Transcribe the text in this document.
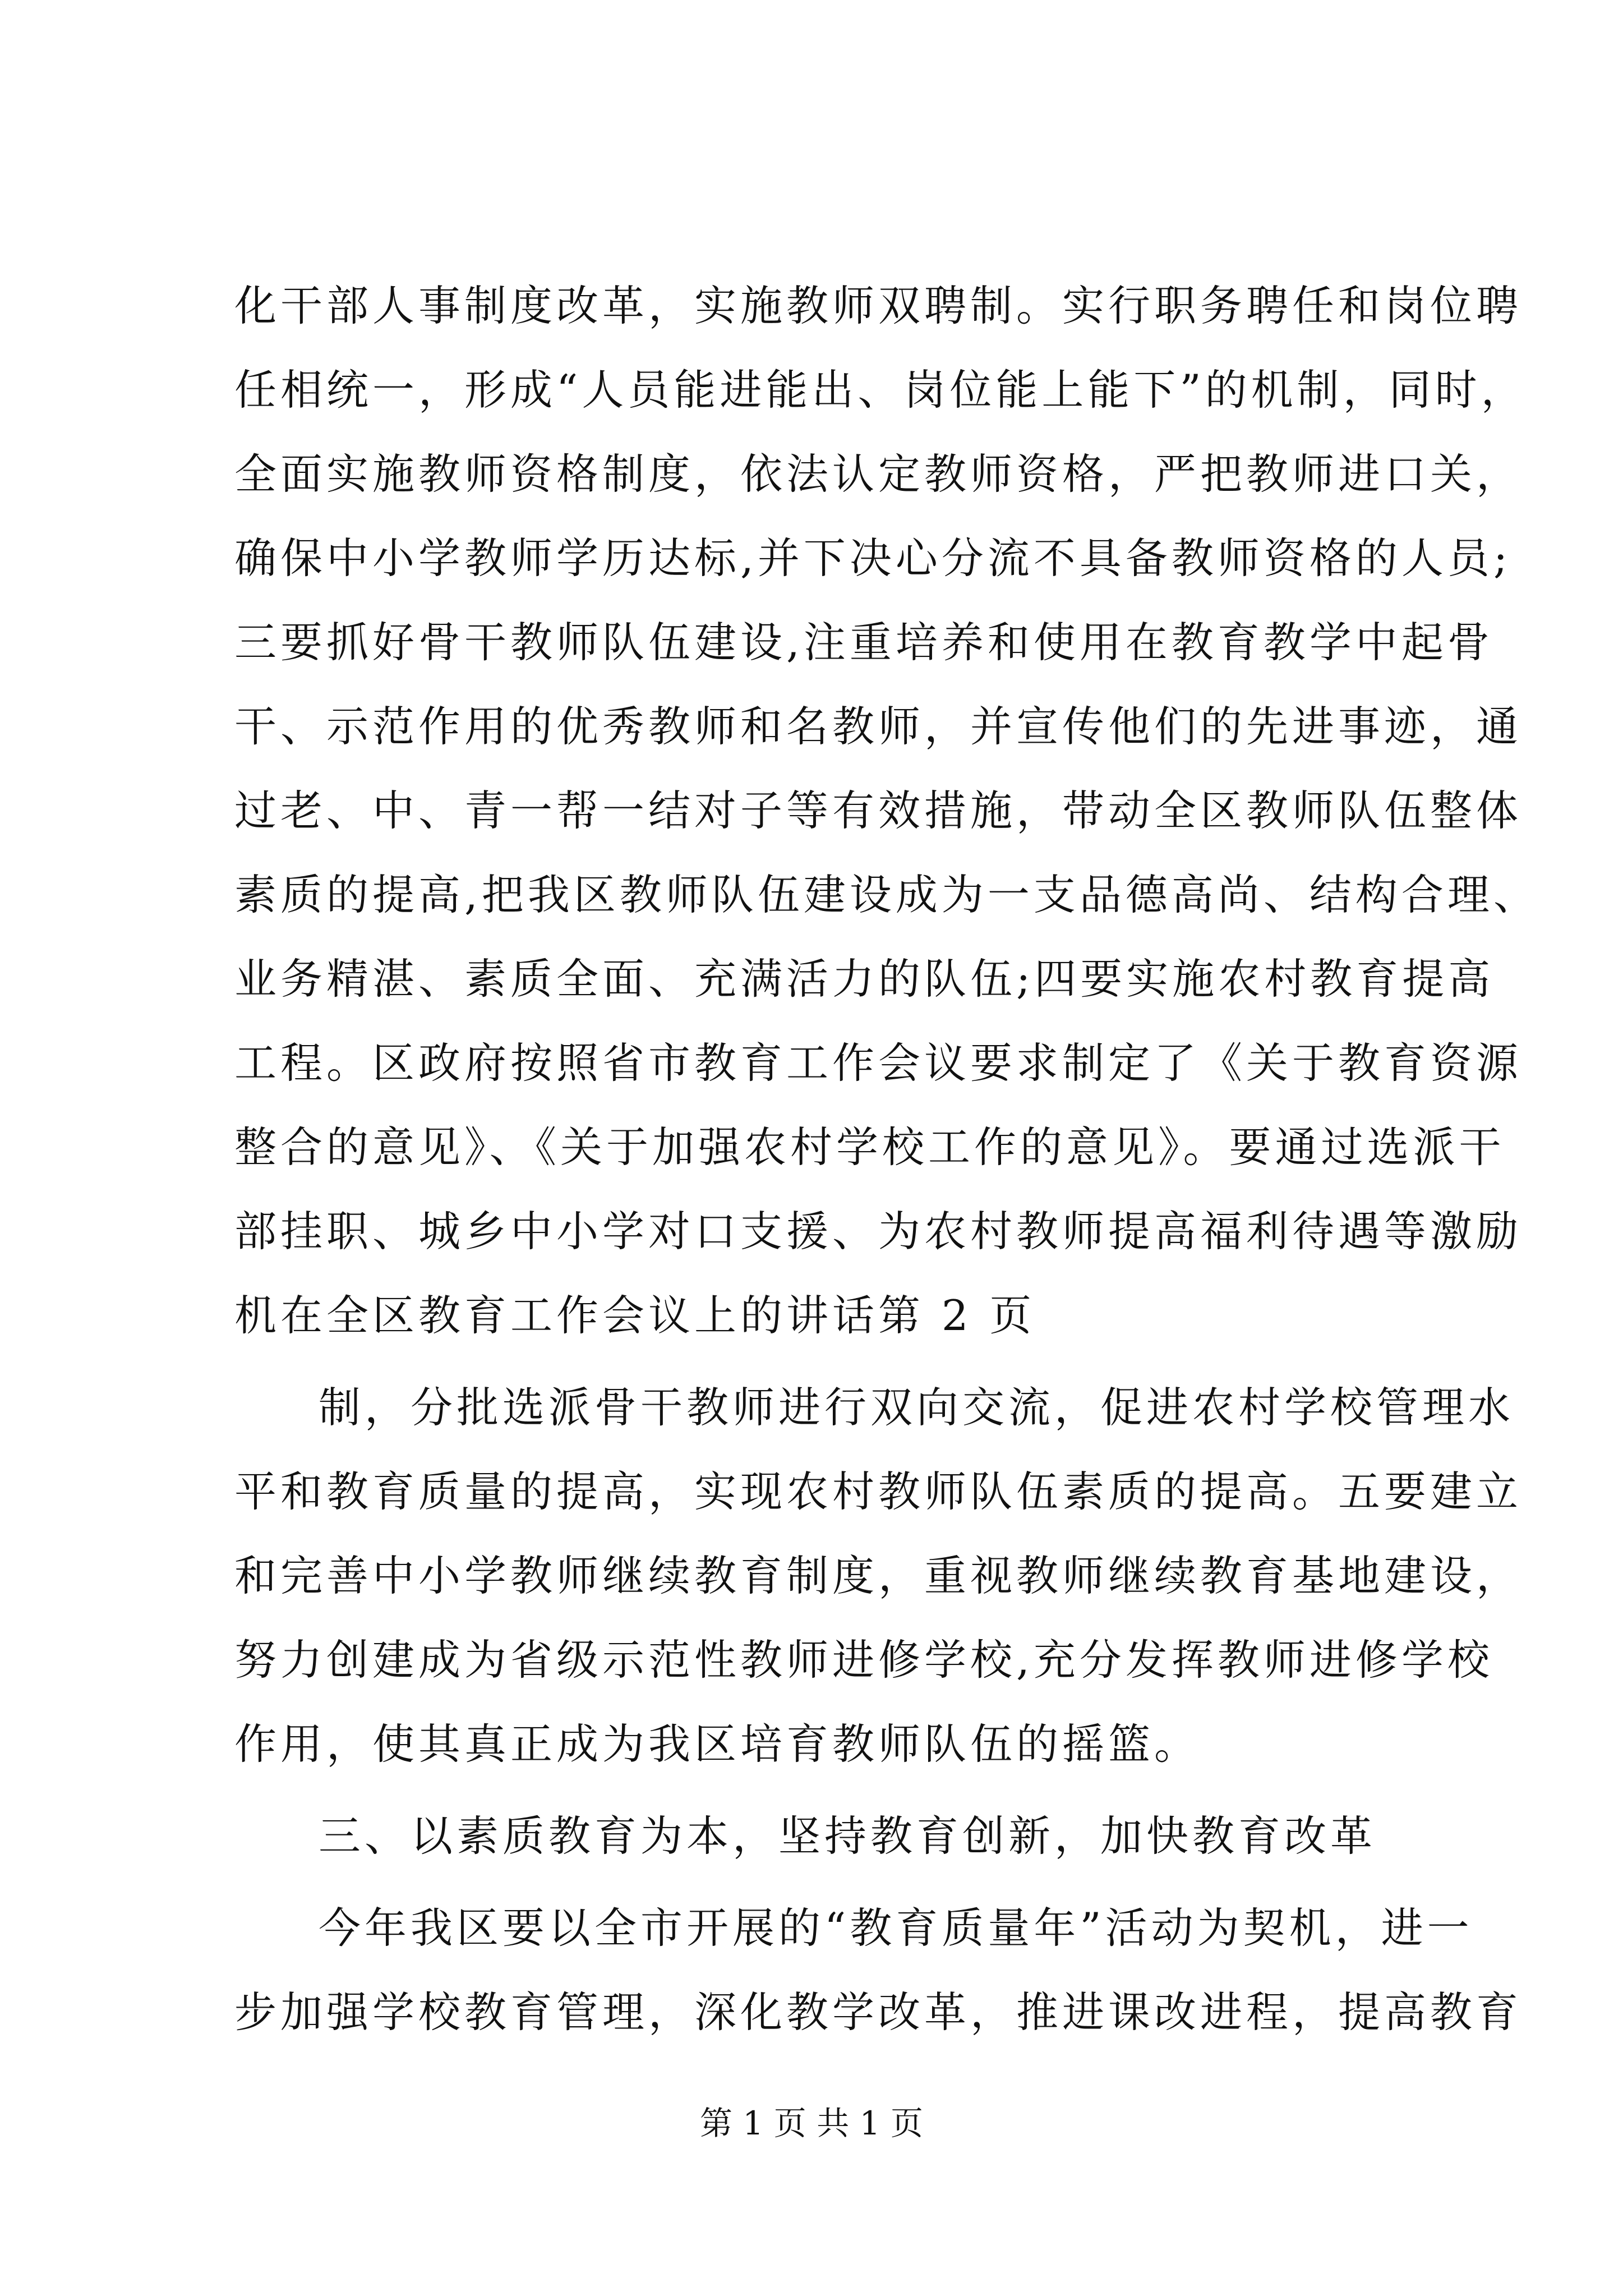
化干部人事制度改革，实施教师双聘制。实行职务聘任和岗位聘
任相统一，形成“人员能进能出、岗位能上能下”的机制，同时，
全面实施教师资格制度，依法认定教师资格，严把教师进口关，
确保中小学教师学历达标,并下决心分流不具备教师资格的人员;
三要抓好骨干教师队伍建设,注重培养和使用在教育教学中起骨
干、示范作用的优秀教师和名教师，并宣传他们的先进事迹，通
过老、中、青一帮一结对子等有效措施，带动全区教师队伍整体
素质的提高,把我区教师队伍建设成为一支品德高尚、结构合理、
业务精湛、素质全面、充满活力的队伍;四要实施农村教育提高
工程。区政府按照省市教育工作会议要求制定了《关于教育资源
整合的意见》、《关于加强农村学校工作的意见》。要通过选派干
部挂职、城乡中小学对口支援、为农村教师提高福利待遇等激励
机在全区教育工作会议上的讲话第 2 页
制，分批选派骨干教师进行双向交流，促进农村学校管理水
平和教育质量的提高，实现农村教师队伍素质的提高。五要建立
和完善中小学教师继续教育制度，重视教师继续教育基地建设，
努力创建成为省级示范性教师进修学校,充分发挥教师进修学校
作用，使其真正成为我区培育教师队伍的摇篮。
三、以素质教育为本，坚持教育创新，加快教育改革
今年我区要以全市开展的“教育质量年”活动为契机，进一
步加强学校教育管理，深化教学改革，推进课改进程，提高教育
第 1 页 共 1 页
